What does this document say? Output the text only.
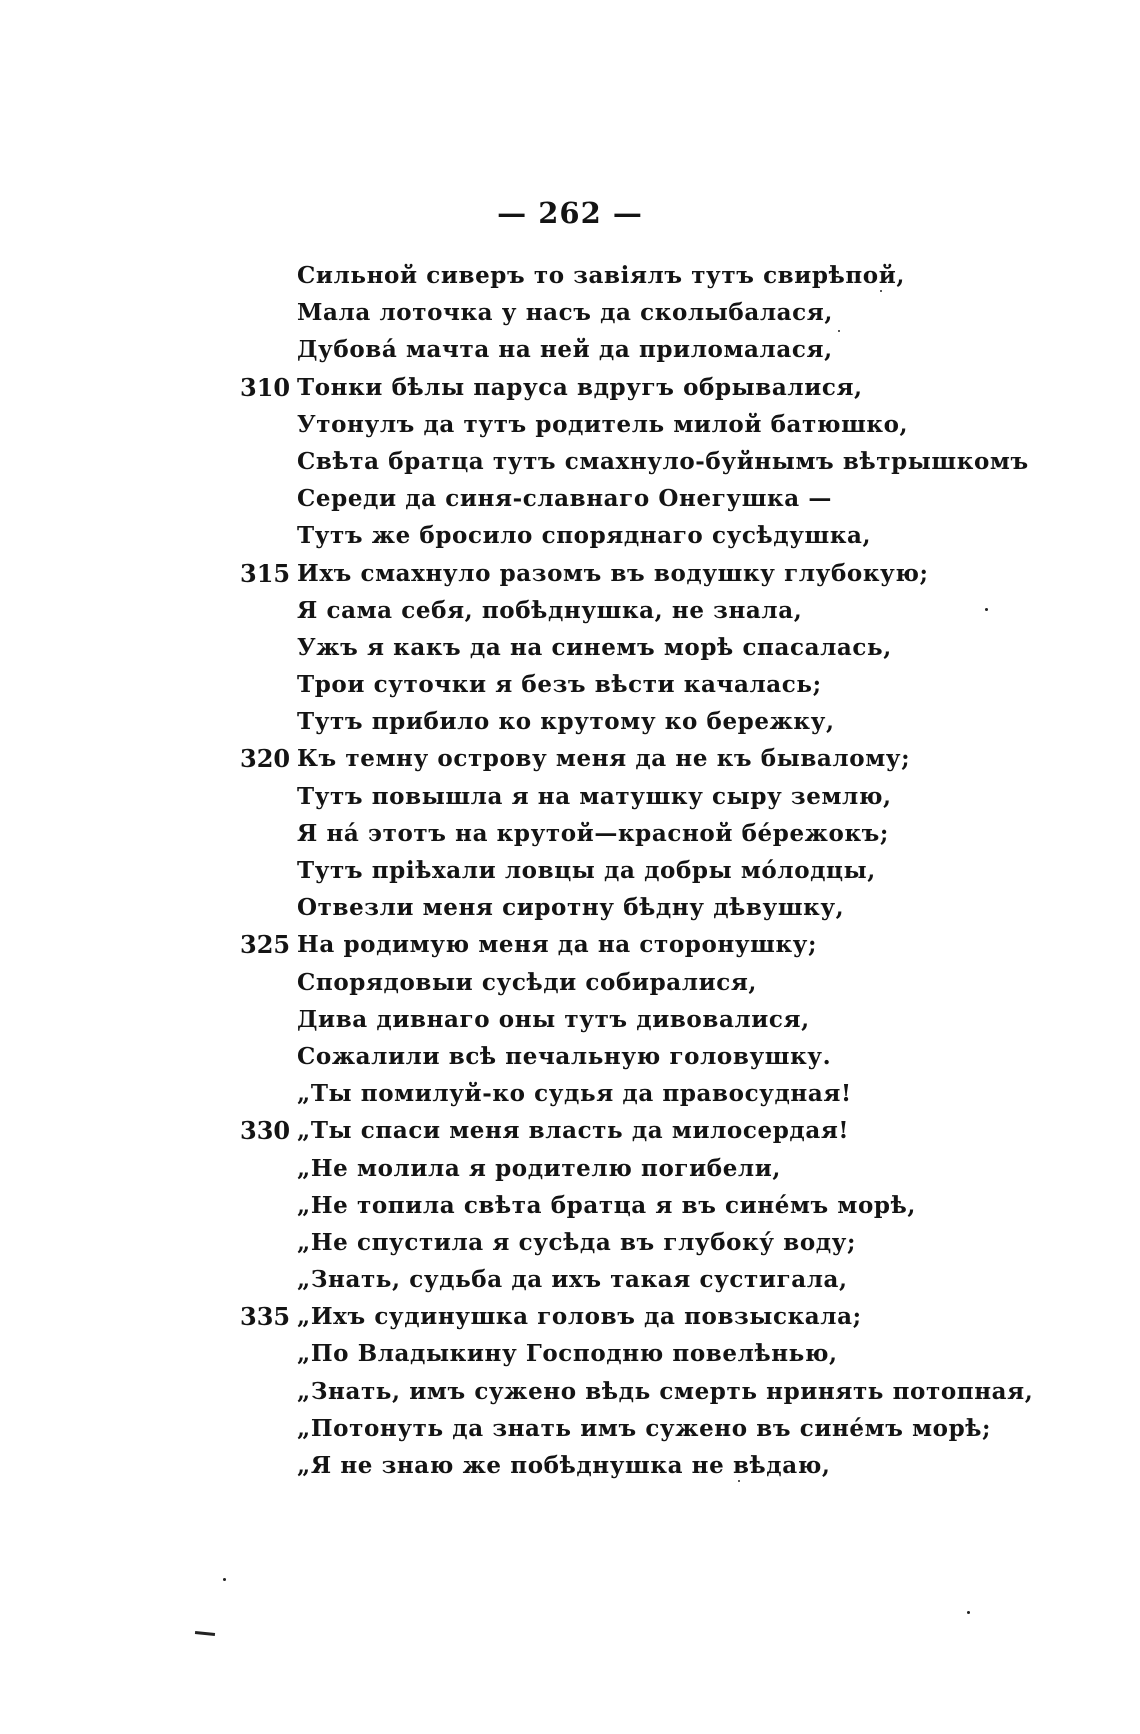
— 262 —
Сильной сиверъ то завіялъ тутъ свирѣпой,
Мала лоточка у насъ да сколыбалася,
Дубова́ мачта на ней да приломалася,
310 Тонки бѣлы паруса вдругъ обрывалися,
Утонулъ да тутъ родитель милой батюшко,
Свѣта братца тутъ смахнуло-буйнымъ вѣтрышкомъ
Середи да синя-славнаго Онегушка —
Тутъ же бросило споряднаго сусѣдушка,
315 Ихъ смахнуло разомъ въ водушку глубокую;
Я сама себя, побѣднушка, не знала,
Ужъ я какъ да на синемъ морѣ спасалась,
Трои суточки я безъ вѣсти качалась;
Тутъ прибило ко крутому ко бережку,
320 Къ темну острову меня да не къ бывалому;
Тутъ повышла я на матушку сыру землю,
Я на́ этотъ на крутой—красной бе́режокъ;
Тутъ пріѣхали ловцы да добры мо́лодцы,
Отвезли меня сиротну бѣдну дѣвушку,
325 На родимую меня да на сторонушку;
Спорядовыи сусѣди собиралися,
Дива дивнаго оны тутъ дивовалися,
Сожалили всѣ печальную головушку.
„Ты помилуй-ко судья да правосудная!
330 „Ты спаси меня власть да милосердая!
„Не молила я родителю погибели,
„Не топила свѣта братца я въ сине́мъ морѣ,
„Не спустила я сусѣда въ глубоку́ воду;
„Знать, судьба да ихъ такая сустигала,
335 „Ихъ судинушка головъ да повзыскала;
„По Владыкину Господню повелѣнью,
„Знать, имъ сужено вѣдь смерть нринять потопная,
„Потонуть да знать имъ сужено въ сине́мъ морѣ;
„Я не знаю же побѣднушка не вѣдаю,
